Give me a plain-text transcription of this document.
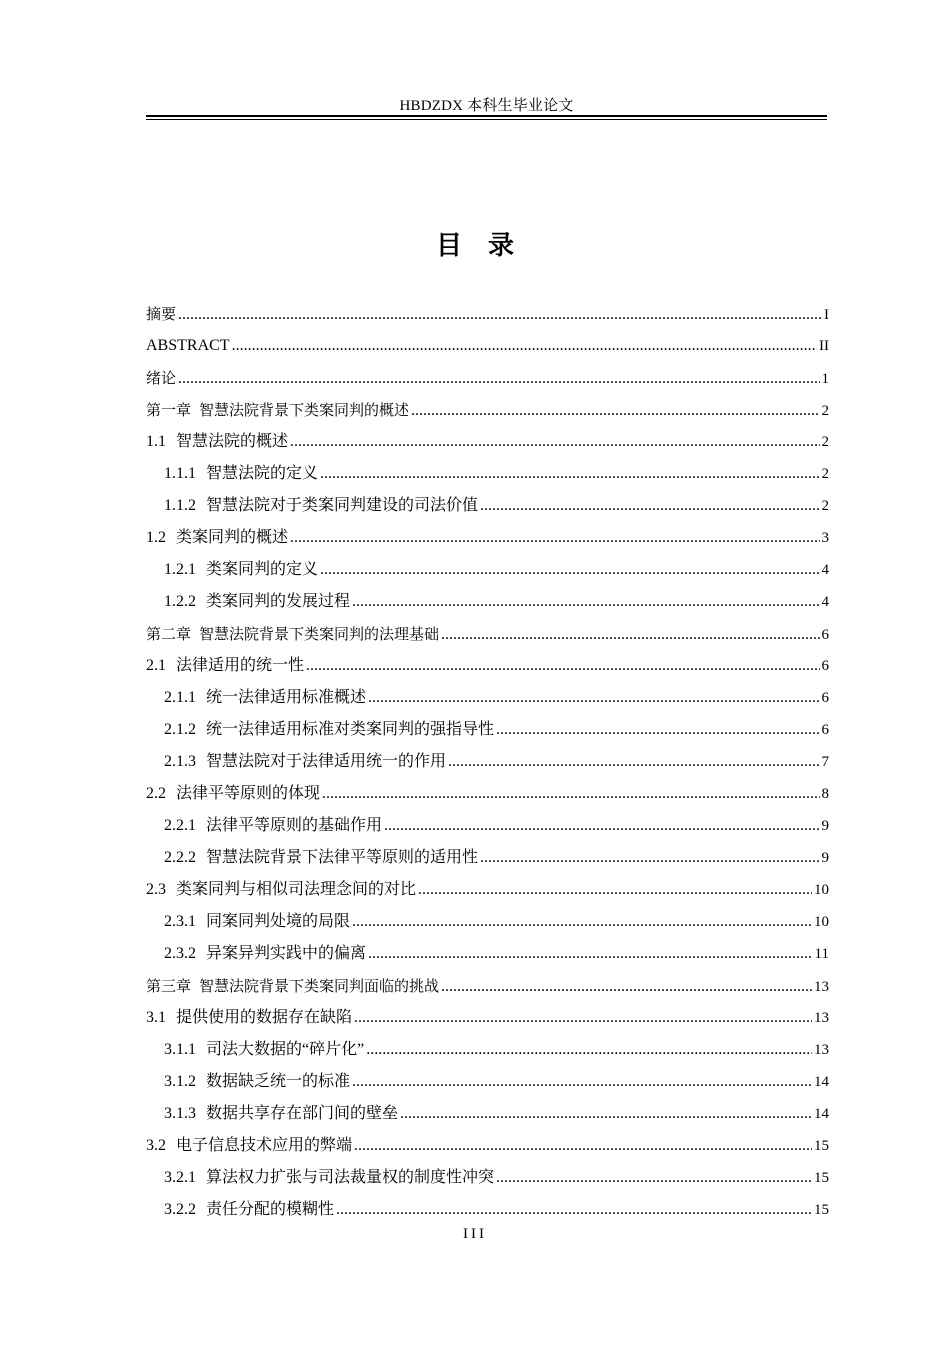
HBDZDX 本科生毕业论文
目录
摘要 .....	I
ABSTRACT .....	II
绪论 .....	1
第一章 智慧法院背景下类案同判的概述 .....	2
1.1 智慧法院的概述 .....	2
1.1.1 智慧法院的定义 .....	2
1.1.2 智慧法院对于类案同判建设的司法价值 .....	2
1.2 类案同判的概述 .....	3
1.2.1 类案同判的定义 .....	4
1.2.2 类案同判的发展过程 .....	4
第二章 智慧法院背景下类案同判的法理基础 .....	6
2.1 法律适用的统一性 .....	6
2.1.1 统一法律适用标准概述 .....	6
2.1.2 统一法律适用标准对类案同判的强指导性 .....	6
2.1.3 智慧法院对于法律适用统一的作用 .....	7
2.2 法律平等原则的体现 .....	8
2.2.1 法律平等原则的基础作用 .....	9
2.2.2 智慧法院背景下法律平等原则的适用性 .....	9
2.3 类案同判与相似司法理念间的对比 .....	10
2.3.1 同案同判处境的局限 .....	10
2.3.2 异案异判实践中的偏离 .....	11
第三章 智慧法院背景下类案同判面临的挑战 .....	13
3.1 提供使用的数据存在缺陷 .....	13
3.1.1 司法大数据的“碎片化” .....	13
3.1.2 数据缺乏统一的标准 .....	14
3.1.3 数据共享存在部门间的壁垒 .....	14
3.2 电子信息技术应用的弊端 .....	15
3.2.1 算法权力扩张与司法裁量权的制度性冲突 .....	15
3.2.2 责任分配的模糊性 .....	15
III
